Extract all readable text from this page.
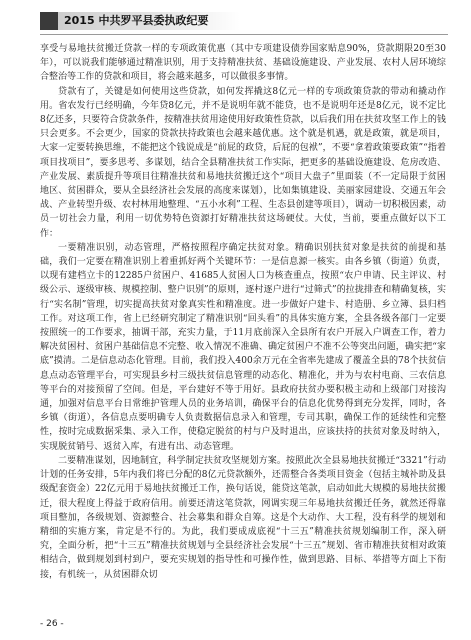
2015 中共罗平县委执政纪要

享受与易地扶贫搬迁贷款一样的专项政策优惠（其中专项建设债券国家贴息90%，贷款期限20至30年），可以说我们能够通过精准识别，用于支持精准扶贫、基础设施建设、产业发展、农村人居环境综合整治等工作的贷款和项目，将会越来越多，可以做很多事情。

贷款有了，关键是如何使用这些贷款，如何发挥撬这8亿元一样的专项政策贷款的带动和撬动作用。省农发行已经明确，今年贷8亿元，并不是说明年就不能贷，也不是说明年还是8亿元，说不定比8亿还多，只要符合贷款条件，按精准扶贫用途使用好政策性贷款，以后我们用在扶贫攻坚工作上的钱只会更多。不会更少，国家的贷款扶持政策也会越来越优惠。这个就是机遇，就是政策，就是项目，大家一定要转换思维，不能把这个钱说成是“前屁的政贷，后屁的包袱”，不要“拿着政策要政策”“指着项目找项目”，要多思考、多谋划，结合全县精准扶贫工作实际，把更多的基础设施建设、危房改造、产业发展、素质提升等项目往精准扶贫和易地扶贫搬迁这个“项目大盘子”里面装（不一定局限于贫困地区、贫困群众，要从全县经济社会发展的高度来谋划），比如集镇建设、美丽家园建设、交通五年会战、产业转型升级、农村林用地整理、“五小水利”工程、生态县创建等项目），调动一切积极因素，动员一切社会力量，利用一切优势特色资源打好精准扶贫这场硬仗。大仗，当前，要重点做好以下工作：

一要精准识别，动态管理，严格按照程序确定扶贫对象。精确识别扶贫对象是扶贫的前提和基础，我们一定要在精准识别上着重抓好两个关键环节：一是信息源一核实。由各乡镇（街道）负责，以现有建档立卡的12285户贫困户、41685人贫困人口为核查重点，按照“农户申请、民主评议、村级公示、逐级审核、规模控制、整户识别”的原则，逐村逐户进行“过筛式”的拉拢排查和精确复核，实行“实名制”管理，切实提高扶贫对象真实性和精准度。进一步做好户建卡、村造册、乡立簿、县归档工作。对这项工作，省上已经研究制定了精准识别“回头看”的具体实施方案，全县各级各部门一定要按照统一的工作要求，抽调干部，充实力量，于11月底前深入全县所有农户开展入户调查工作，着力解决贫困村、贫困户基础信息不完整、收入情况不准确、确定贫困户不准不公等突出问题，确实把“家底”摸清。二是信息动态化管理。目前，我们投入400余万元在全省率先建成了覆盖全县的78个扶贫信息点动态管理平台，可实现县乡村三级扶贫信息管理的动态化、精准化，并为与农村电商、三农信息等平台的对接预留了空间。但是，平台建好不等于用好。县政府扶贫办要积极主动和上级部门对接沟通，加强对信息平台日常维护管理人员的业务培训，确保平台的信息化优势得到充分发挥，同时，各乡镇（街道），各信息点要明确专人负责数据信息录入和管理，专司其职，确保工作的延续性和完整性，按时完成数据采集、录入工作，使稳定脱贫的村与户及时退出，应该扶持的扶贫对象及时纳入，实现脱贫销号、返贫入库，有进有出、动态管理。

二要精准谋划，因地制宜，科学制定扶贫攻坚规划方案。按照此次全县易地扶贫搬迁“3321”行动计划的任务安排，5年内我们将已分配的8亿元贷款额外，还需整合各类项目资金（包括主城补助及县级配套资金）22亿元用于易地扶贫搬迁工作，换句话说，能贷这笔款，启动如此大规模的易地扶贫搬迁，很大程度上得益于政府信用。前要还清这笔贷款，网调实现三年易地扶贫搬迁任务，就然还得靠项目整加，各级规划、资源整合、社会募集和群众自筹。这是个大动作、大工程，没有科学的规划和精细的实施方案，肯定是不行的。为此，我们要成成底视“十三五”精准扶贫规划编制工作，深入研究，全面分析，把“十三五”精准扶贫规划与全县经济社会发展“十三五”规划、省市精准扶贫相对政策相结合，做到规划到村到户，要充实规划的指导性和可操作性，做到思路、目标、举措等方面上下衔接，有机统一，从贫困群众切

- 26 -
